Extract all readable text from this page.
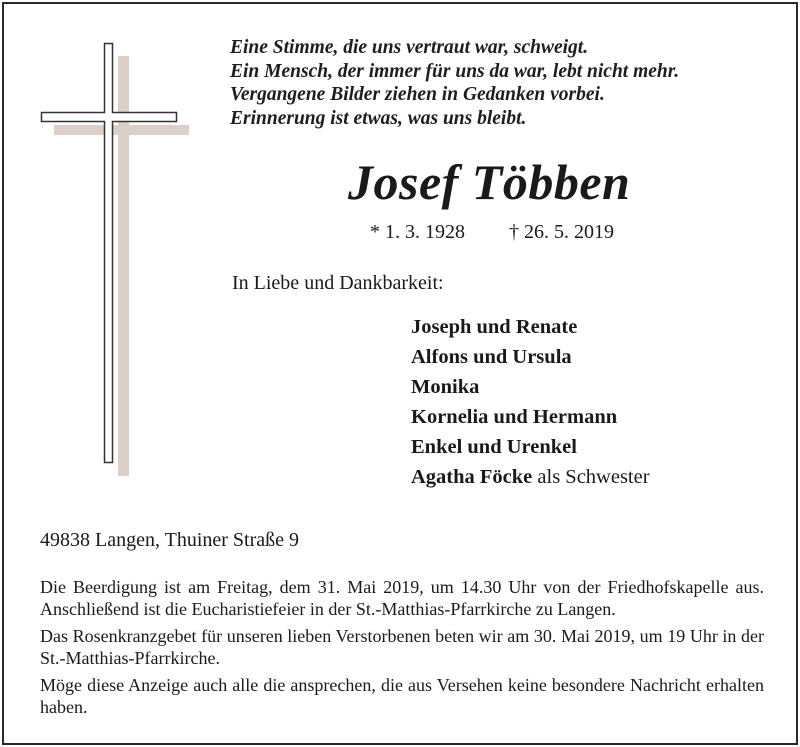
Eine Stimme, die uns vertraut war, schweigt.
Ein Mensch, der immer für uns da war, lebt nicht mehr.
Vergangene Bilder ziehen in Gedanken vorbei.
Erinnerung ist etwas, was uns bleibt.
Josef Többen
* 1. 3. 1928 † 26. 5. 2019
In Liebe und Dankbarkeit:
Joseph und Renate
Alfons und Ursula
Monika
Kornelia und Hermann
Enkel und Urenkel
Agatha Föcke als Schwester
49838 Langen, Thuiner Straße 9
Die Beerdigung ist am Freitag, dem 31. Mai 2019, um 14.30 Uhr von der Friedhofskapelle aus. Anschließend ist die Eucharistiefeier in der St.-Matthias-Pfarrkirche zu Langen.
Das Rosenkranzgebet für unseren lieben Verstorbenen beten wir am 30. Mai 2019, um 19 Uhr in der St.-Matthias-Pfarrkirche.
Möge diese Anzeige auch alle die ansprechen, die aus Versehen keine besondere Nachricht erhalten haben.
